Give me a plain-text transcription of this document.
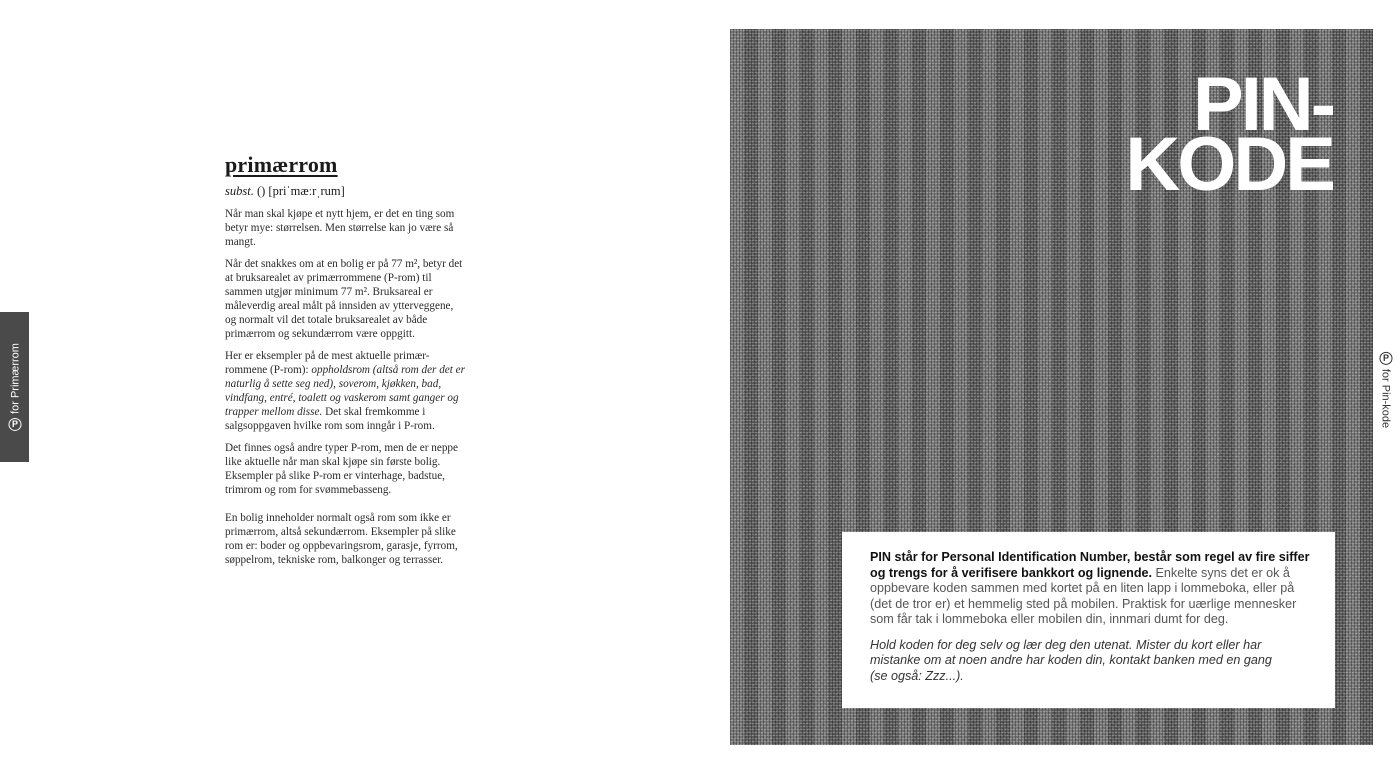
P
for Primærrom
primærrom
subst. () [priˈmæːrˌrum]

Når man skal kjøpe et nytt hjem, er det en ting som betyr mye: størrelsen. Men størrelse kan jo være så mangt.

Når det snakkes om at en bolig er på 77 m², betyr det at bruksarealet av primærrommene (P-rom) til sammen utgjør minimum 77 m². Bruksareal er måleverdig areal målt på innsiden av ytterveggene, og normalt vil det totale bruksarealet av både primærrom og sekundærrom være oppgitt.

Her er eksempler på de mest aktuelle primær-rommene (P-rom): oppholdsrom (altså rom der det er naturlig å sette seg ned), soverom, kjøkken, bad, vindfang, entré, toalett og vaskerom samt ganger og trapper mellom disse. Det skal fremkomme i salgsoppgaven hvilke rom som inngår i P-rom.

Det finnes også andre typer P-rom, men de er neppe like aktuelle når man skal kjøpe sin første bolig. Eksempler på slike P-rom er vinterhage, badstue, trimrom og rom for svømmebasseng.

En bolig inneholder normalt også rom som ikke er primærrom, altså sekundærrom. Eksempler på slike rom er: boder og oppbevaringsrom, garasje, fyrrom, søppelrom, tekniske rom, balkonger og terrasser.

PIN-
KODE

PIN står for Personal Identification Number, består som regel av fire siffer og trengs for å verifisere bankkort og lignende. Enkelte syns det er ok å oppbevare koden sammen med kortet på en liten lapp i lommeboka, eller på (det de tror er) et hemmelig sted på mobilen. Praktisk for uærlige mennesker som får tak i lommeboka eller mobilen din, innmari dumt for deg.

Hold koden for deg selv og lær deg den utenat. Mister du kort eller har mistanke om at noen andre har koden din, kontakt banken med en gang
(se også: Zzz...).

P
for Pin-kode
